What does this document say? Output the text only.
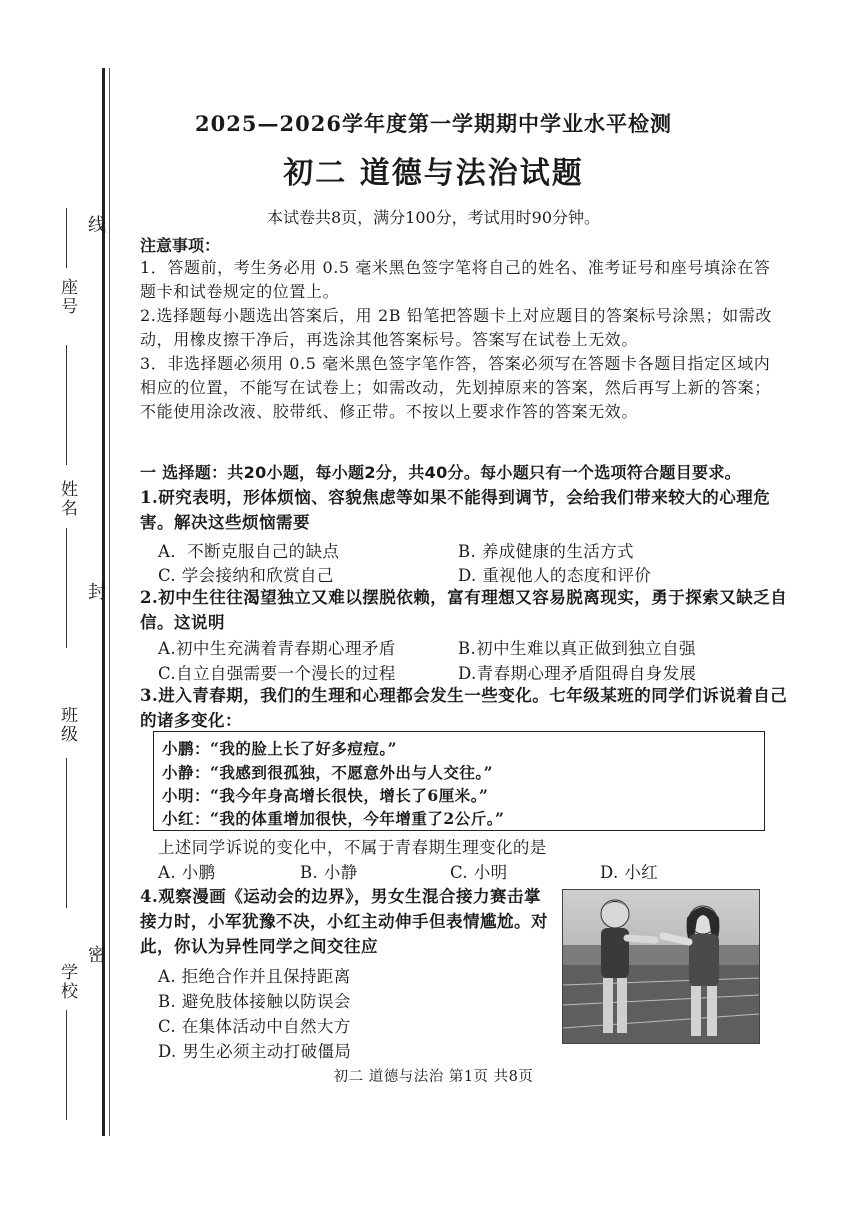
座号
线
姓名
封
班级
学校
密
2025—2026学年度第一学期期中学业水平检测
初二 道德与法治试题
本试卷共8页，满分100分，考试用时90分钟。
注意事项：
1．答题前，考生务必用 0.5 毫米黑色签字笔将自己的姓名、准考证号和座号填涂在答题卡和试卷规定的位置上。
2.选择题每小题选出答案后，用 2B 铅笔把答题卡上对应题目的答案标号涂黑；如需改动，用橡皮擦干净后，再选涂其他答案标号。答案写在试卷上无效。
3．非选择题必须用 0.5 毫米黑色签字笔作答，答案必须写在答题卡各题目指定区域内相应的位置，不能写在试卷上；如需改动，先划掉原来的答案，然后再写上新的答案；不能使用涂改液、胶带纸、修正带。不按以上要求作答的答案无效。
一 选择题：共20小题，每小题2分，共40分。每小题只有一个选项符合题目要求。
1.研究表明，形体烦恼、容貌焦虑等如果不能得到调节，会给我们带来较大的心理危害。解决这些烦恼需要
A．不断克服自己的缺点	B. 养成健康的生活方式
C. 学会接纳和欣赏自己	D. 重视他人的态度和评价
2.初中生往往渴望独立又难以摆脱依赖，富有理想又容易脱离现实，勇于探索又缺乏自信。这说明
A.初中生充满着青春期心理矛盾	B.初中生难以真正做到独立自强
C.自立自强需要一个漫长的过程	D.青春期心理矛盾阻碍自身发展
3.进入青春期，我们的生理和心理都会发生一些变化。七年级某班的同学们诉说着自己的诸多变化：
小鹏：“我的脸上长了好多痘痘。”
小静：“我感到很孤独，不愿意外出与人交往。”
小明：“我今年身高增长很快，增长了6厘米。”
小红：“我的体重增加很快，今年增重了2公斤。”
上述同学诉说的变化中，不属于青春期生理变化的是
A. 小鹏	B. 小静	C. 小明	D. 小红
4.观察漫画《运动会的边界》，男女生混合接力赛击掌接力时，小军犹豫不决，小红主动伸手但表情尴尬。对此，你认为异性同学之间交往应
A. 拒绝合作并且保持距离
B. 避免肢体接触以防误会
C. 在集体活动中自然大方
D. 男生必须主动打破僵局
初二 道德与法治 第1页 共8页
